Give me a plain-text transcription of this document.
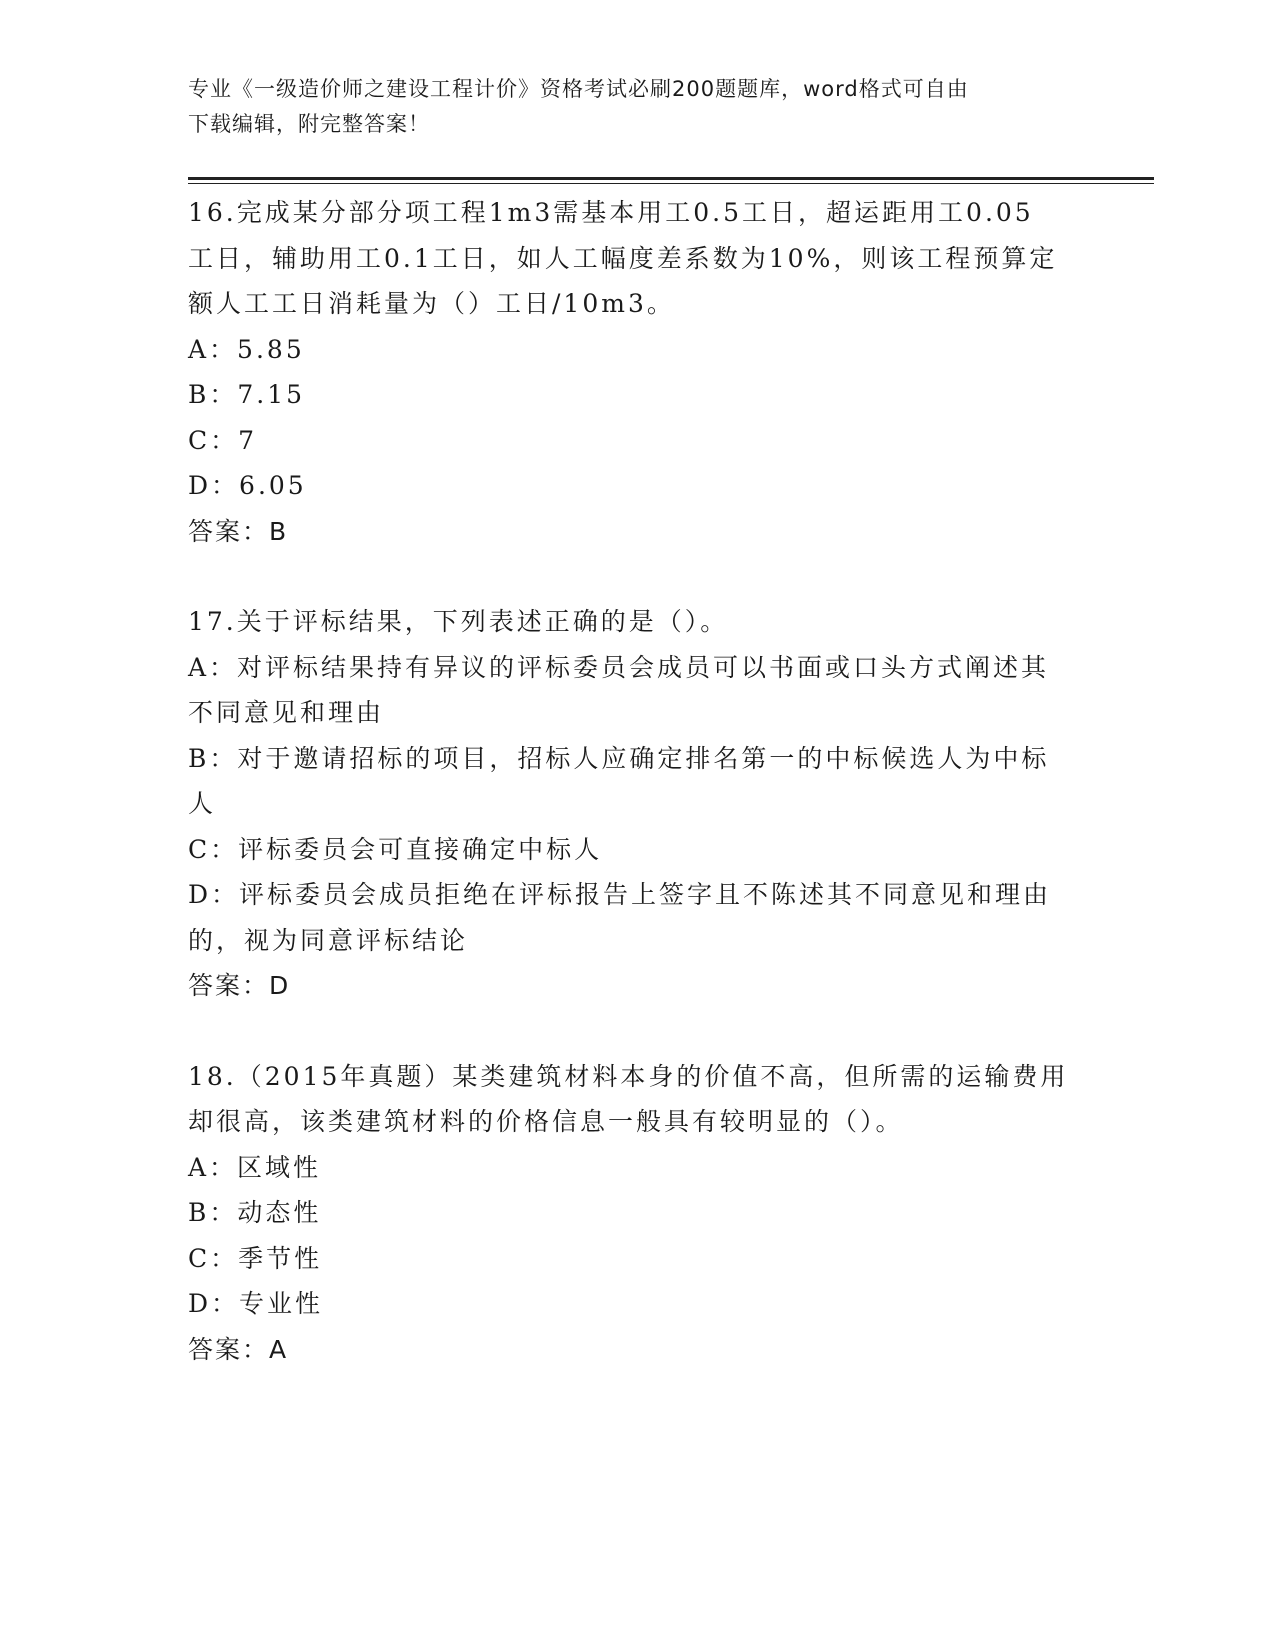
专业《一级造价师之建设工程计价》资格考试必刷200题题库，word格式可自由
下载编辑，附完整答案！
16.完成某分部分项工程1m3需基本用工0.5工日，超运距用工0.05
工日，辅助用工0.1工日，如人工幅度差系数为10%，则该工程预算定
额人工工日消耗量为（）工日/10m3。
A：5.85
B：7.15
C：7
D：6.05
答案：B
17.关于评标结果，下列表述正确的是（）。
A：对评标结果持有异议的评标委员会成员可以书面或口头方式阐述其
不同意见和理由
B：对于邀请招标的项目，招标人应确定排名第一的中标候选人为中标
人
C：评标委员会可直接确定中标人
D：评标委员会成员拒绝在评标报告上签字且不陈述其不同意见和理由
的，视为同意评标结论
答案：D
18.（2015年真题）某类建筑材料本身的价值不高，但所需的运输费用
却很高，该类建筑材料的价格信息一般具有较明显的（）。
A：区域性
B：动态性
C：季节性
D：专业性
答案：A
